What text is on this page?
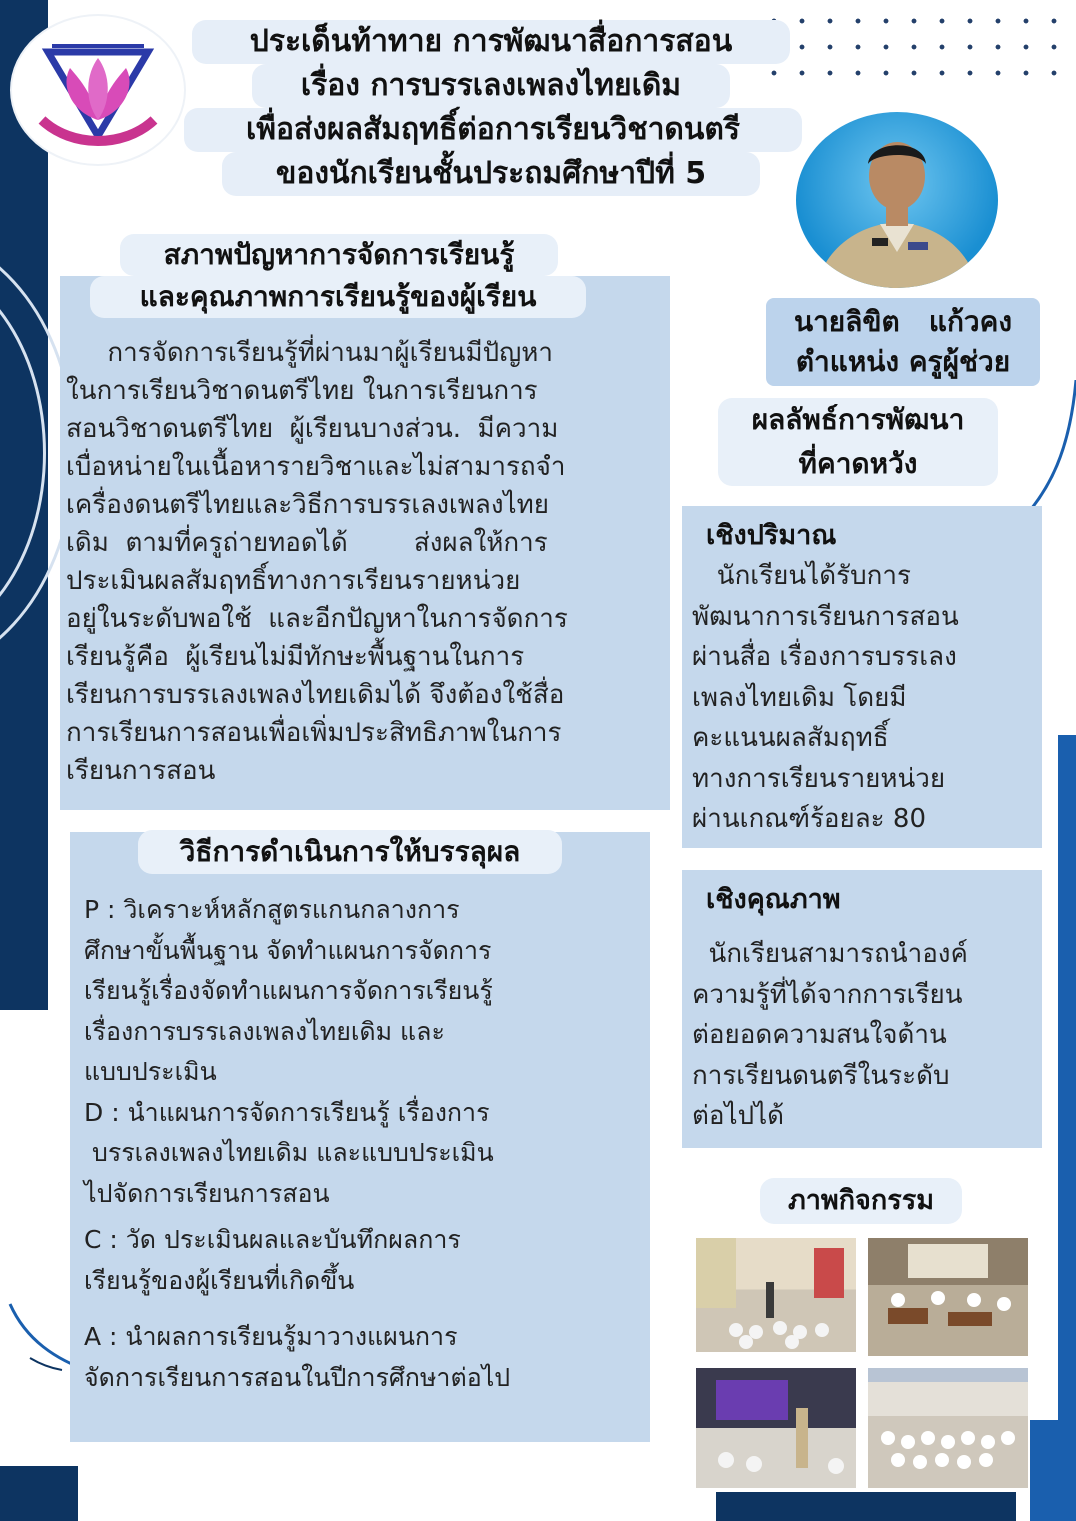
ประเด็นท้าทาย การพัฒนาสื่อการสอน
เรื่อง การบรรเลงเพลงไทยเดิม
เพื่อส่งผลสัมฤทธิ์ต่อการเรียนวิชาดนตรี
ของนักเรียนชั้นประถมศึกษาปีที่ 5
นายลิขิต   แก้วคง
ตำแหน่ง ครูผู้ช่วย
สภาพปัญหาการจัดการเรียนรู้
และคุณภาพการเรียนรู้ของผู้เรียน
การจัดการเรียนรู้ที่ผ่านมาผู้เรียนมีปัญหา
ในการเรียนวิชาดนตรีไทย ในการเรียนการ
สอนวิชาดนตรีไทย  ผู้เรียนบางส่วน.  มีความ
เบื่อหน่ายในเนื้อหารายวิชาและไม่สามารถจำ
เครื่องดนตรีไทยและวิธีการบรรเลงเพลงไทย
เดิม  ตามที่ครูถ่ายทอดได้        ส่งผลให้การ
ประเมินผลสัมฤทธิ์ทางการเรียนรายหน่วย
อยู่ในระดับพอใช้  และอีกปัญหาในการจัดการ
เรียนรู้คือ  ผู้เรียนไม่มีทักษะพื้นฐานในการ
เรียนการบรรเลงเพลงไทยเดิมได้ จึงต้องใช้สื่อ
การเรียนการสอนเพื่อเพิ่มประสิทธิภาพในการ
เรียนการสอน
วิธีการดำเนินการให้บรรลุผล
P : วิเคราะห์หลักสูตรแกนกลางการ
ศึกษาขั้นพื้นฐาน จัดทำแผนการจัดการ
เรียนรู้เรื่องจัดทำแผนการจัดการเรียนรู้
เรื่องการบรรเลงเพลงไทยเดิม และ
แบบประเมิน
D : นำแผนการจัดการเรียนรู้ เรื่องการ
บรรเลงเพลงไทยเดิม และแบบประเมิน
ไปจัดการเรียนการสอน
C : วัด ประเมินผลและบันทึกผลการ
เรียนรู้ของผู้เรียนที่เกิดขึ้น
A : นำผลการเรียนรู้มาวางแผนการ
จัดการเรียนการสอนในปีการศึกษาต่อไป
ผลลัพธ์การพัฒนา
ที่คาดหวัง
เชิงปริมาณ
นักเรียนได้รับการ
พัฒนาการเรียนการสอน
ผ่านสื่อ เรื่องการบรรเลง
เพลงไทยเดิม โดยมี
คะแนนผลสัมฤทธิ์
ทางการเรียนรายหน่วย
ผ่านเกณฑ์ร้อยละ 80
เชิงคุณภาพ
นักเรียนสามารถนำองค์
ความรู้ที่ได้จากการเรียน
ต่อยอดความสนใจด้าน
การเรียนดนตรีในระดับ
ต่อไปได้
ภาพกิจกรรม
